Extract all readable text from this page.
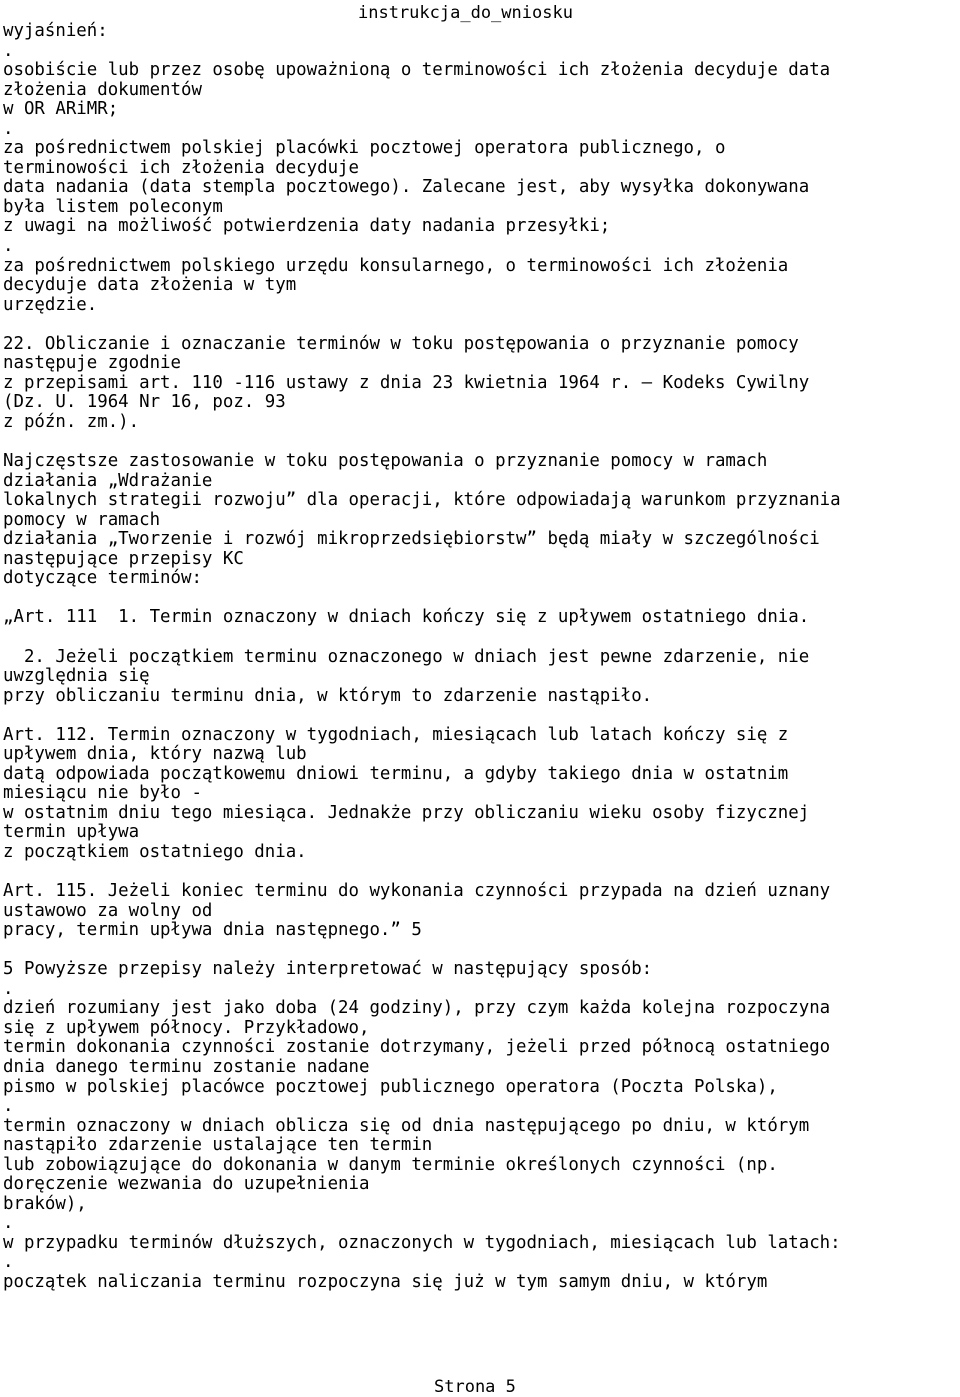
instrukcja_do_wniosku
wyjaśnień:
.
osobiście lub przez osobę upoważnioną o terminowości ich złożenia decyduje data
złożenia dokumentów
w OR ARiMR;
.
za pośrednictwem polskiej placówki pocztowej operatora publicznego, o
terminowości ich złożenia decyduje
data nadania (data stempla pocztowego). Zalecane jest, aby wysyłka dokonywana
była listem poleconym
z uwagi na możliwość potwierdzenia daty nadania przesyłki;
.
za pośrednictwem polskiego urzędu konsularnego, o terminowości ich złożenia
decyduje data złożenia w tym
urzędzie.
22. Obliczanie i oznaczanie terminów w toku postępowania o przyznanie pomocy
następuje zgodnie
z przepisami art. 110 -116 ustawy z dnia 23 kwietnia 1964 r. – Kodeks Cywilny
(Dz. U. 1964 Nr 16, poz. 93
z późn. zm.).
Najczęstsze zastosowanie w toku postępowania o przyznanie pomocy w ramach
działania „Wdrażanie
lokalnych strategii rozwoju” dla operacji, które odpowiadają warunkom przyznania
pomocy w ramach
działania „Tworzenie i rozwój mikroprzedsiębiorstw” będą miały w szczególności
następujące przepisy KC
dotyczące terminów:
„Art. 111  1. Termin oznaczony w dniach kończy się z upływem ostatniego dnia.
2. Jeżeli początkiem terminu oznaczonego w dniach jest pewne zdarzenie, nie
uwzględnia się
przy obliczaniu terminu dnia, w którym to zdarzenie nastąpiło.
Art. 112. Termin oznaczony w tygodniach, miesiącach lub latach kończy się z
upływem dnia, który nazwą lub
datą odpowiada początkowemu dniowi terminu, a gdyby takiego dnia w ostatnim
miesiącu nie było -
w ostatnim dniu tego miesiąca. Jednakże przy obliczaniu wieku osoby fizycznej
termin upływa
z początkiem ostatniego dnia.
Art. 115. Jeżeli koniec terminu do wykonania czynności przypada na dzień uznany
ustawowo za wolny od
pracy, termin upływa dnia następnego.” 5
5 Powyższe przepisy należy interpretować w następujący sposób:
.
dzień rozumiany jest jako doba (24 godziny), przy czym każda kolejna rozpoczyna
się z upływem północy. Przykładowo,
termin dokonania czynności zostanie dotrzymany, jeżeli przed północą ostatniego
dnia danego terminu zostanie nadane
pismo w polskiej placówce pocztowej publicznego operatora (Poczta Polska),
.
termin oznaczony w dniach oblicza się od dnia następującego po dniu, w którym
nastąpiło zdarzenie ustalające ten termin
lub zobowiązujące do dokonania w danym terminie określonych czynności (np.
doręczenie wezwania do uzupełnienia
braków),
.
w przypadku terminów dłuższych, oznaczonych w tygodniach, miesiącach lub latach:
.
początek naliczania terminu rozpoczyna się już w tym samym dniu, w którym
Strona 5
